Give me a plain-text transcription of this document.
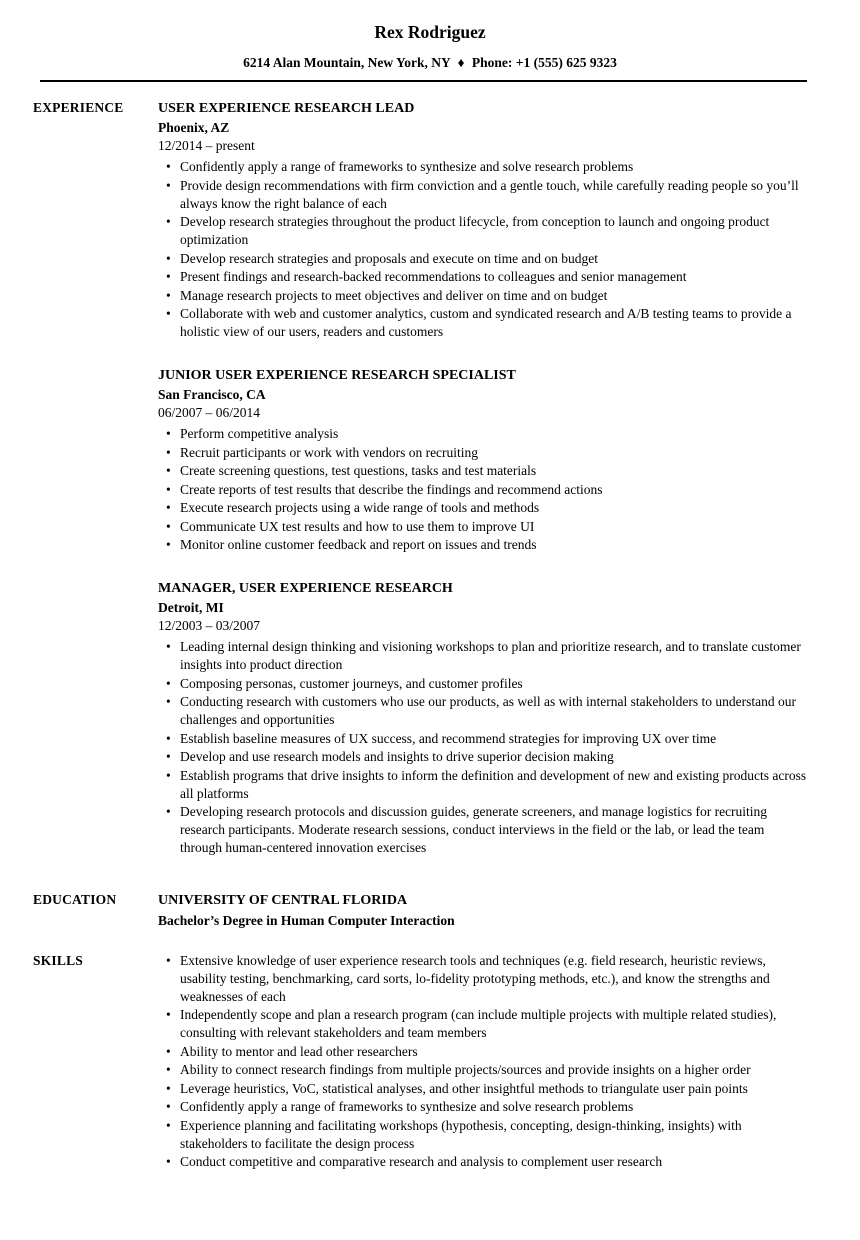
Rex Rodriguez
6214 Alan Mountain, New York, NY ♦ Phone: +1 (555) 625 9323
EXPERIENCE	USER EXPERIENCE RESEARCH LEAD
Phoenix, AZ
12/2014 – present
• Confidently apply a range of frameworks to synthesize and solve research problems
• Provide design recommendations with firm conviction and a gentle touch, while carefully reading people so you’ll always know the right balance of each
• Develop research strategies throughout the product lifecycle, from conception to launch and ongoing product optimization
• Develop research strategies and proposals and execute on time and on budget
• Present findings and research-backed recommendations to colleagues and senior management
• Manage research projects to meet objectives and deliver on time and on budget
• Collaborate with web and customer analytics, custom and syndicated research and A/B testing teams to provide a holistic view of our users, readers and customers
JUNIOR USER EXPERIENCE RESEARCH SPECIALIST
San Francisco, CA
06/2007 – 06/2014
• Perform competitive analysis
• Recruit participants or work with vendors on recruiting
• Create screening questions, test questions, tasks and test materials
• Create reports of test results that describe the findings and recommend actions
• Execute research projects using a wide range of tools and methods
• Communicate UX test results and how to use them to improve UI
• Monitor online customer feedback and report on issues and trends
MANAGER, USER EXPERIENCE RESEARCH
Detroit, MI
12/2003 – 03/2007
• Leading internal design thinking and visioning workshops to plan and prioritize research, and to translate customer insights into product direction
• Composing personas, customer journeys, and customer profiles
• Conducting research with customers who use our products, as well as with internal stakeholders to understand our challenges and opportunities
• Establish baseline measures of UX success, and recommend strategies for improving UX over time
• Develop and use research models and insights to drive superior decision making
• Establish programs that drive insights to inform the definition and development of new and existing products across all platforms
• Developing research protocols and discussion guides, generate screeners, and manage logistics for recruiting research participants. Moderate research sessions, conduct interviews in the field or the lab, or lead the team through human-centered innovation exercises
EDUCATION	UNIVERSITY OF CENTRAL FLORIDA
Bachelor’s Degree in Human Computer Interaction
SKILLS	• Extensive knowledge of user experience research tools and techniques (e.g. field research, heuristic reviews, usability testing, benchmarking, card sorts, lo-fidelity prototyping methods, etc.), and know the strengths and weaknesses of each
• Independently scope and plan a research program (can include multiple projects with multiple related studies), consulting with relevant stakeholders and team members
• Ability to mentor and lead other researchers
• Ability to connect research findings from multiple projects/sources and provide insights on a higher order
• Leverage heuristics, VoC, statistical analyses, and other insightful methods to triangulate user pain points
• Confidently apply a range of frameworks to synthesize and solve research problems
• Experience planning and facilitating workshops (hypothesis, concepting, design-thinking, insights) with stakeholders to facilitate the design process
• Conduct competitive and comparative research and analysis to complement user research
